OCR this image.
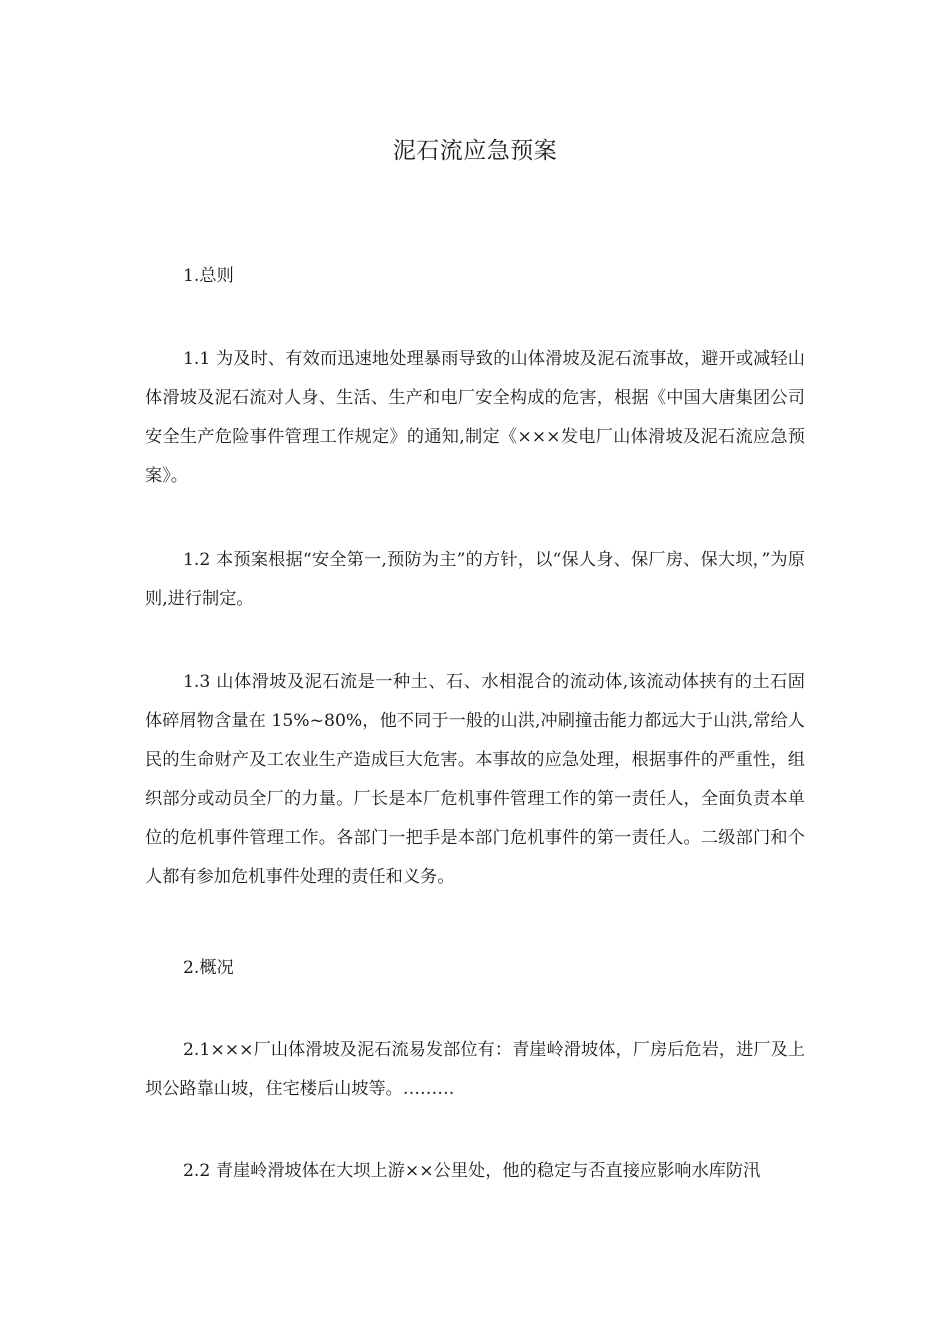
泥石流应急预案

1.总则

1.1 为及时、有效而迅速地处理暴雨导致的山体滑坡及泥石流事故，避开或减轻山体滑坡及泥石流对人身、生活、生产和电厂安全构成的危害，根据《中国大唐集团公司安全生产危险事件管理工作规定》的通知,制定《×××发电厂山体滑坡及泥石流应急预案》。

1.2 本预案根据“安全第一,预防为主”的方针，以“保人身、保厂房、保大坝，”为原则,进行制定。

1.3 山体滑坡及泥石流是一种土、石、水相混合的流动体,该流动体挟有的土石固体碎屑物含量在 15%~80%，他不同于一般的山洪,冲刷撞击能力都远大于山洪,常给人民的生命财产及工农业生产造成巨大危害。本事故的应急处理，根据事件的严重性，组织部分或动员全厂的力量。厂长是本厂危机事件管理工作的第一责任人，全面负责本单位的危机事件管理工作。各部门一把手是本部门危机事件的第一责任人。二级部门和个人都有参加危机事件处理的责任和义务。

2.概况

2.1×××厂山体滑坡及泥石流易发部位有：青崖岭滑坡体，厂房后危岩，进厂及上坝公路靠山坡，住宅楼后山坡等。………

2.2 青崖岭滑坡体在大坝上游××公里处，他的稳定与否直接应影响水库防汛
